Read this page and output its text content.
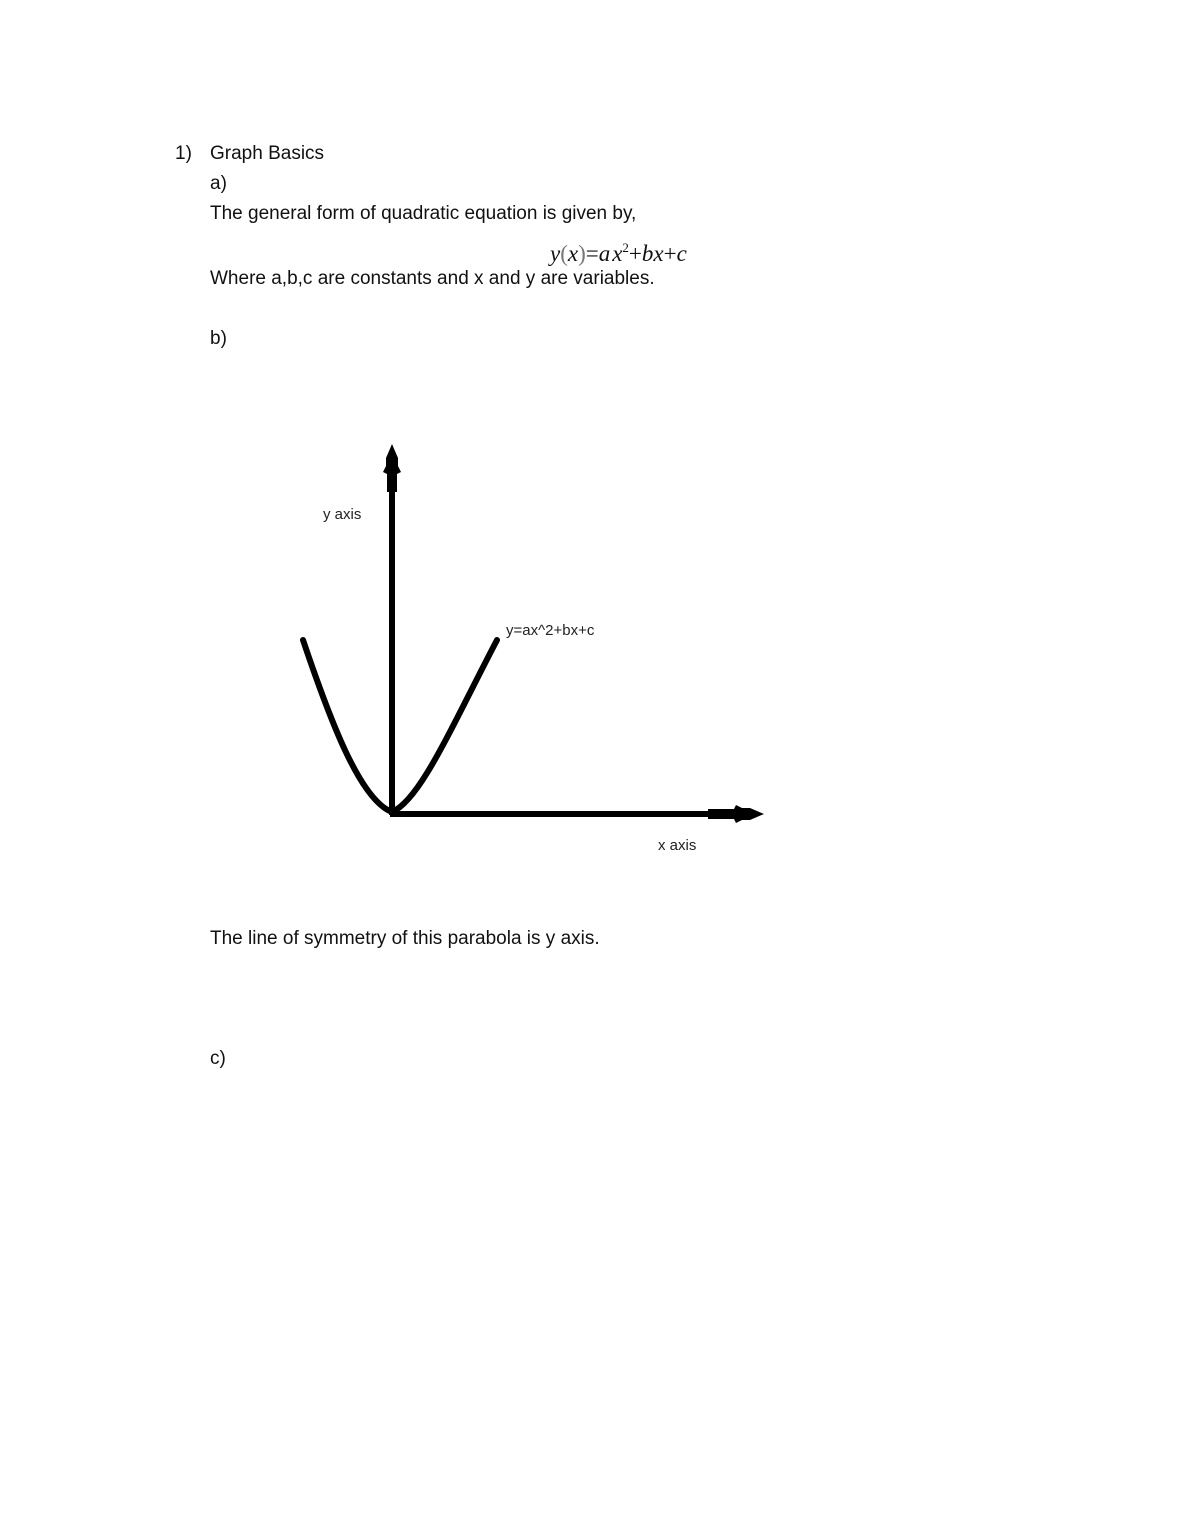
1) Graph Basics
a)
The general form of quadratic equation is given by,
y(x)=a $x^2+bx+c$
Where a,b,c are constants and x and y are variables.
b)
y axis
y=ax^2+bx+c
x axis
The line of symmetry of this parabola is y axis.
c)
